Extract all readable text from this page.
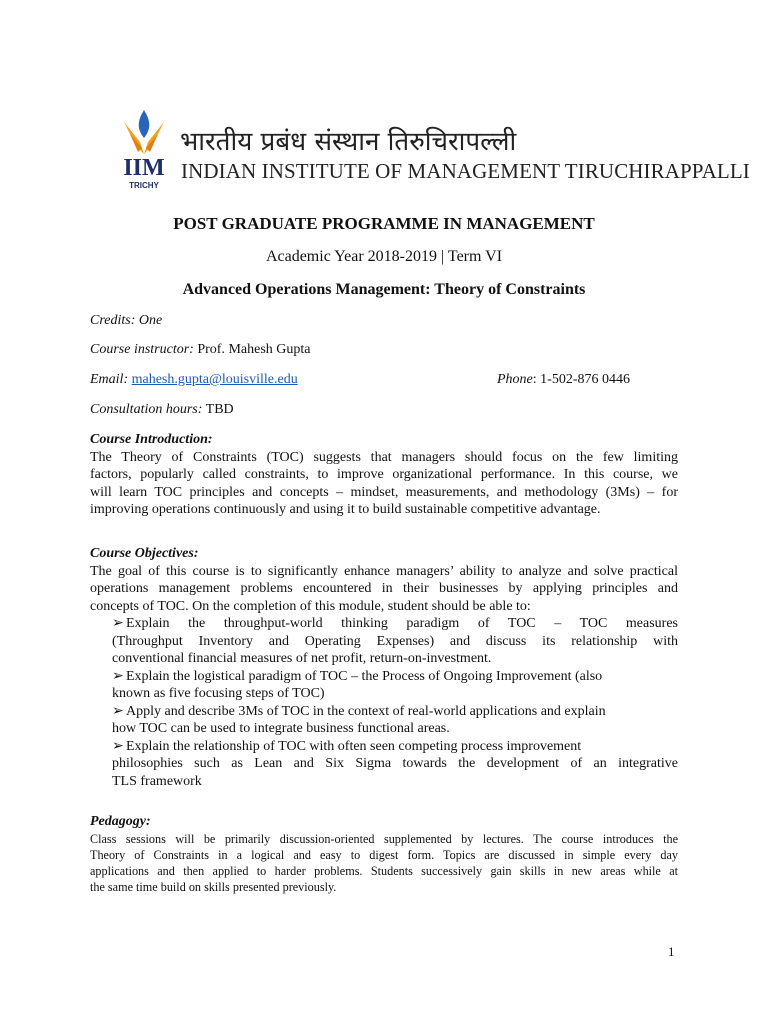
IIM
TRICHY
भारतीय प्रबंध संस्थान तिरुचिरापल्ली
INDIAN INSTITUTE OF MANAGEMENT TIRUCHIRAPPALLI
POST GRADUATE PROGRAMME IN MANAGEMENT
Academic Year 2018-2019 | Term VI
Advanced Operations Management: Theory of Constraints
Credits: One
Course instructor: Prof. Mahesh Gupta
Email: mahesh.gupta@louisville.edu	Phone: 1-502-876 0446
Consultation hours: TBD
Course Introduction:
The Theory of Constraints (TOC) suggests that managers should focus on the few limiting
factors, popularly called constraints, to improve organizational performance. In this course, we
will learn TOC principles and concepts – mindset, measurements, and methodology (3Ms) – for
improving operations continuously and using it to build sustainable competitive advantage.
Course Objectives:
The goal of this course is to significantly enhance managers’ ability to analyze and solve practical
operations management problems encountered in their businesses by applying principles and
concepts of TOC. On the completion of this module, student should be able to:
➢ Explain the throughput-world thinking paradigm of TOC – TOC measures
(Throughput Inventory and Operating Expenses) and discuss its relationship with
conventional financial measures of net profit, return-on-investment.
➢ Explain the logistical paradigm of TOC – the Process of Ongoing Improvement (also
known as five focusing steps of TOC)
➢ Apply and describe 3Ms of TOC in the context of real-world applications and explain
how TOC can be used to integrate business functional areas.
➢ Explain the relationship of TOC with often seen competing process improvement
philosophies such as Lean and Six Sigma towards the development of an integrative
TLS framework
Pedagogy:
Class sessions will be primarily discussion-oriented supplemented by lectures. The course introduces the
Theory of Constraints in a logical and easy to digest form. Topics are discussed in simple every day
applications and then applied to harder problems. Students successively gain skills in new areas while at
the same time build on skills presented previously.
1
